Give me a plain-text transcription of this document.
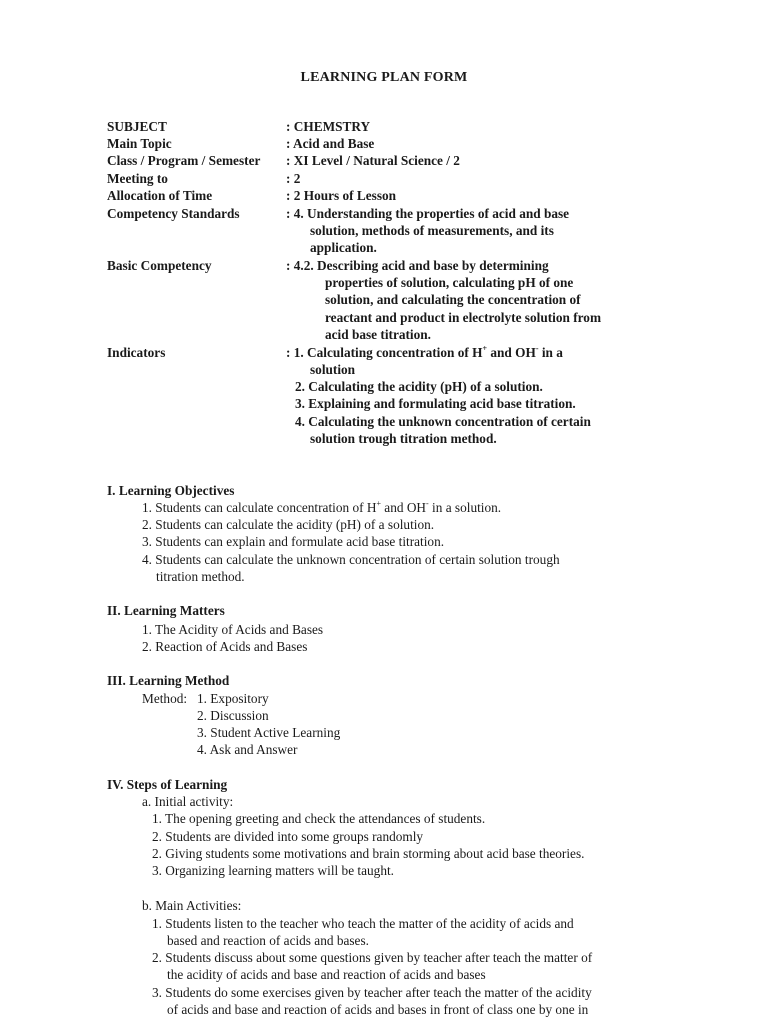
LEARNING PLAN FORM
SUBJECT	: CHEMSTRY
Main Topic	: Acid and Base
Class / Program / Semester : XI Level / Natural Science / 2
Meeting to	: 2
Allocation of Time	: 2 Hours of Lesson
Competency Standards	: 4. Understanding the properties of acid and base
solution, methods of measurements, and its
application.
Basic Competency	: 4.2. Describing acid and base by determining
properties of solution, calculating pH of one
solution, and calculating the concentration of
reactant and product in electrolyte solution from
acid base titration.
Indicators	: 1. Calculating concentration of H+ and OH- in a
solution
2. Calculating the acidity (pH) of a solution.
3. Explaining and formulating acid base titration.
4. Calculating the unknown concentration of certain
solution trough titration method.
I. Learning Objectives
1. Students can calculate concentration of H+ and OH- in a solution.
2. Students can calculate the acidity (pH) of a solution.
3. Students can explain and formulate acid base titration.
4. Students can calculate the unknown concentration of certain solution trough
titration method.
II. Learning Matters
1. The Acidity of Acids and Bases
2. Reaction of Acids and Bases
III. Learning Method
Method: 1. Expository
2. Discussion
3. Student Active Learning
4. Ask and Answer
IV. Steps of Learning
a. Initial activity:
1. The opening greeting and check the attendances of students.
2. Students are divided into some groups randomly
2. Giving students some motivations and brain storming about acid base theories.
3. Organizing learning matters will be taught.
b. Main Activities:
1. Students listen to the teacher who teach the matter of the acidity of acids and
based and reaction of acids and bases.
2. Students discuss about some questions given by teacher after teach the matter of
the acidity of acids and base and reaction of acids and bases
3. Students do some exercises given by teacher after teach the matter of the acidity
of acids and base and reaction of acids and bases in front of class one by one in
